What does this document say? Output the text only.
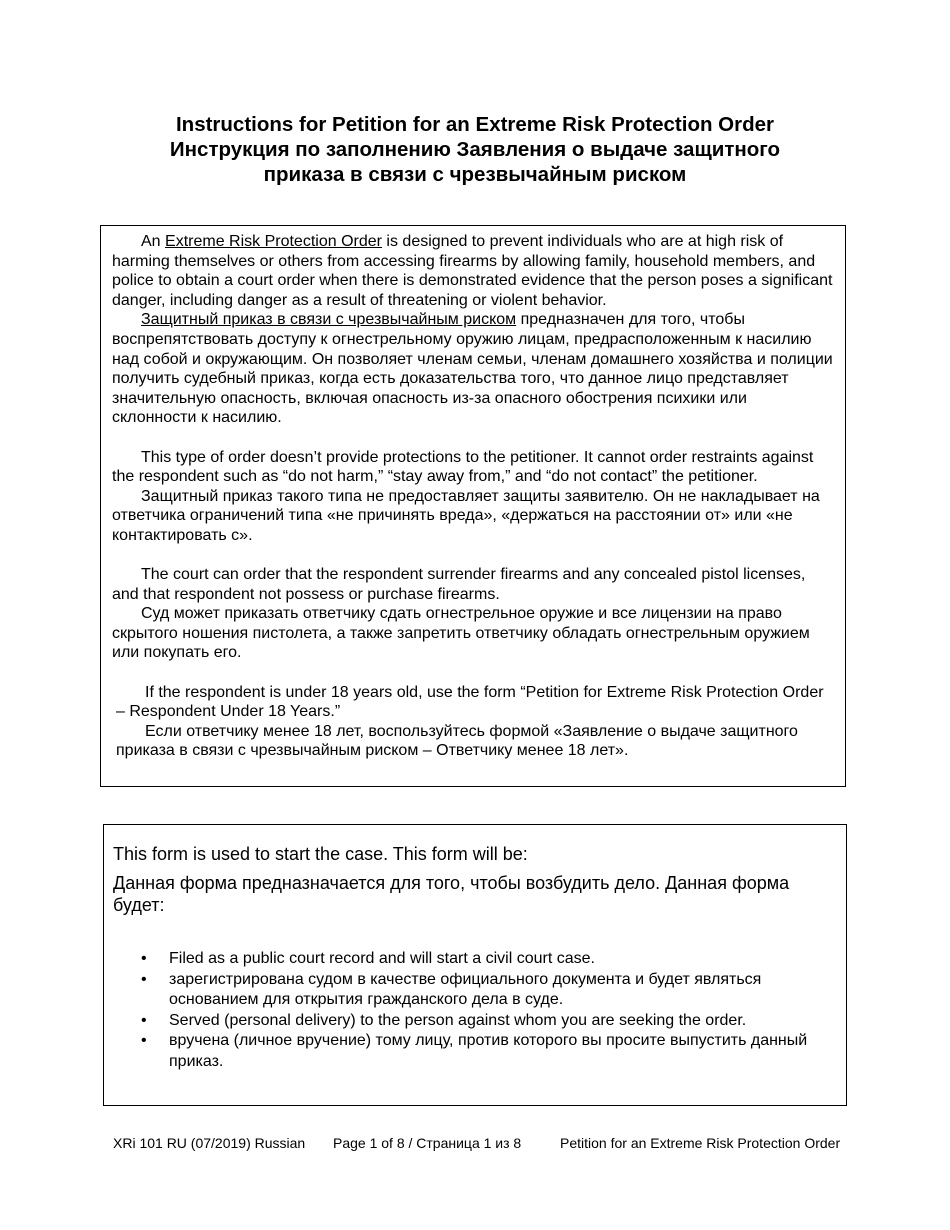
Instructions for Petition for an Extreme Risk Protection Order
Инструкция по заполнению Заявления о выдаче защитного
приказа в связи с чрезвычайным риском

An Extreme Risk Protection Order is designed to prevent individuals who are at high risk of harming themselves or others from accessing firearms by allowing family, household members, and police to obtain a court order when there is demonstrated evidence that the person poses a significant danger, including danger as a result of threatening or violent behavior.

Защитный приказ в связи с чрезвычайным риском предназначен для того, чтобы воспрепятствовать доступу к огнестрельному оружию лицам, предрасположенным к насилию над собой и окружающим. Он позволяет членам семьи, членам домашнего хозяйства и полиции получить судебный приказ, когда есть доказательства того, что данное лицо представляет значительную опасность, включая опасность из-за опасного обострения психики или склонности к насилию.

This type of order doesn’t provide protections to the petitioner. It cannot order restraints against the respondent such as “do not harm,” “stay away from,” and “do not contact” the petitioner.

Защитный приказ такого типа не предоставляет защиты заявителю. Он не накладывает на ответчика ограничений типа «не причинять вреда», «держаться на расстоянии от» или «не контактировать с».

The court can order that the respondent surrender firearms and any concealed pistol licenses, and that respondent not possess or purchase firearms.

Суд может приказать ответчику сдать огнестрельное оружие и все лицензии на право скрытого ношения пистолета, а также запретить ответчику обладать огнестрельным оружием или покупать его.

If the respondent is under 18 years old, use the form “Petition for Extreme Risk Protection Order – Respondent Under 18 Years.”

Если ответчику менее 18 лет, воспользуйтесь формой «Заявление о выдаче защитного приказа в связи с чрезвычайным риском – Ответчику менее 18 лет».

This form is used to start the case. This form will be:

Данная форма предназначается для того, чтобы возбудить дело. Данная форма будет:

• Filed as a public court record and will start a civil court case.
• зарегистрирована судом в качестве официального документа и будет являться основанием для открытия гражданского дела в суде.
• Served (personal delivery) to the person against whom you are seeking the order.
• вручена (личное вручение) тому лицу, против которого вы просите выпустить данный приказ.
XRi 101 RU (07/2019) Russian Page 1 of 8 / Страница 1 из 8	Petition for an Extreme Risk Protection Order
